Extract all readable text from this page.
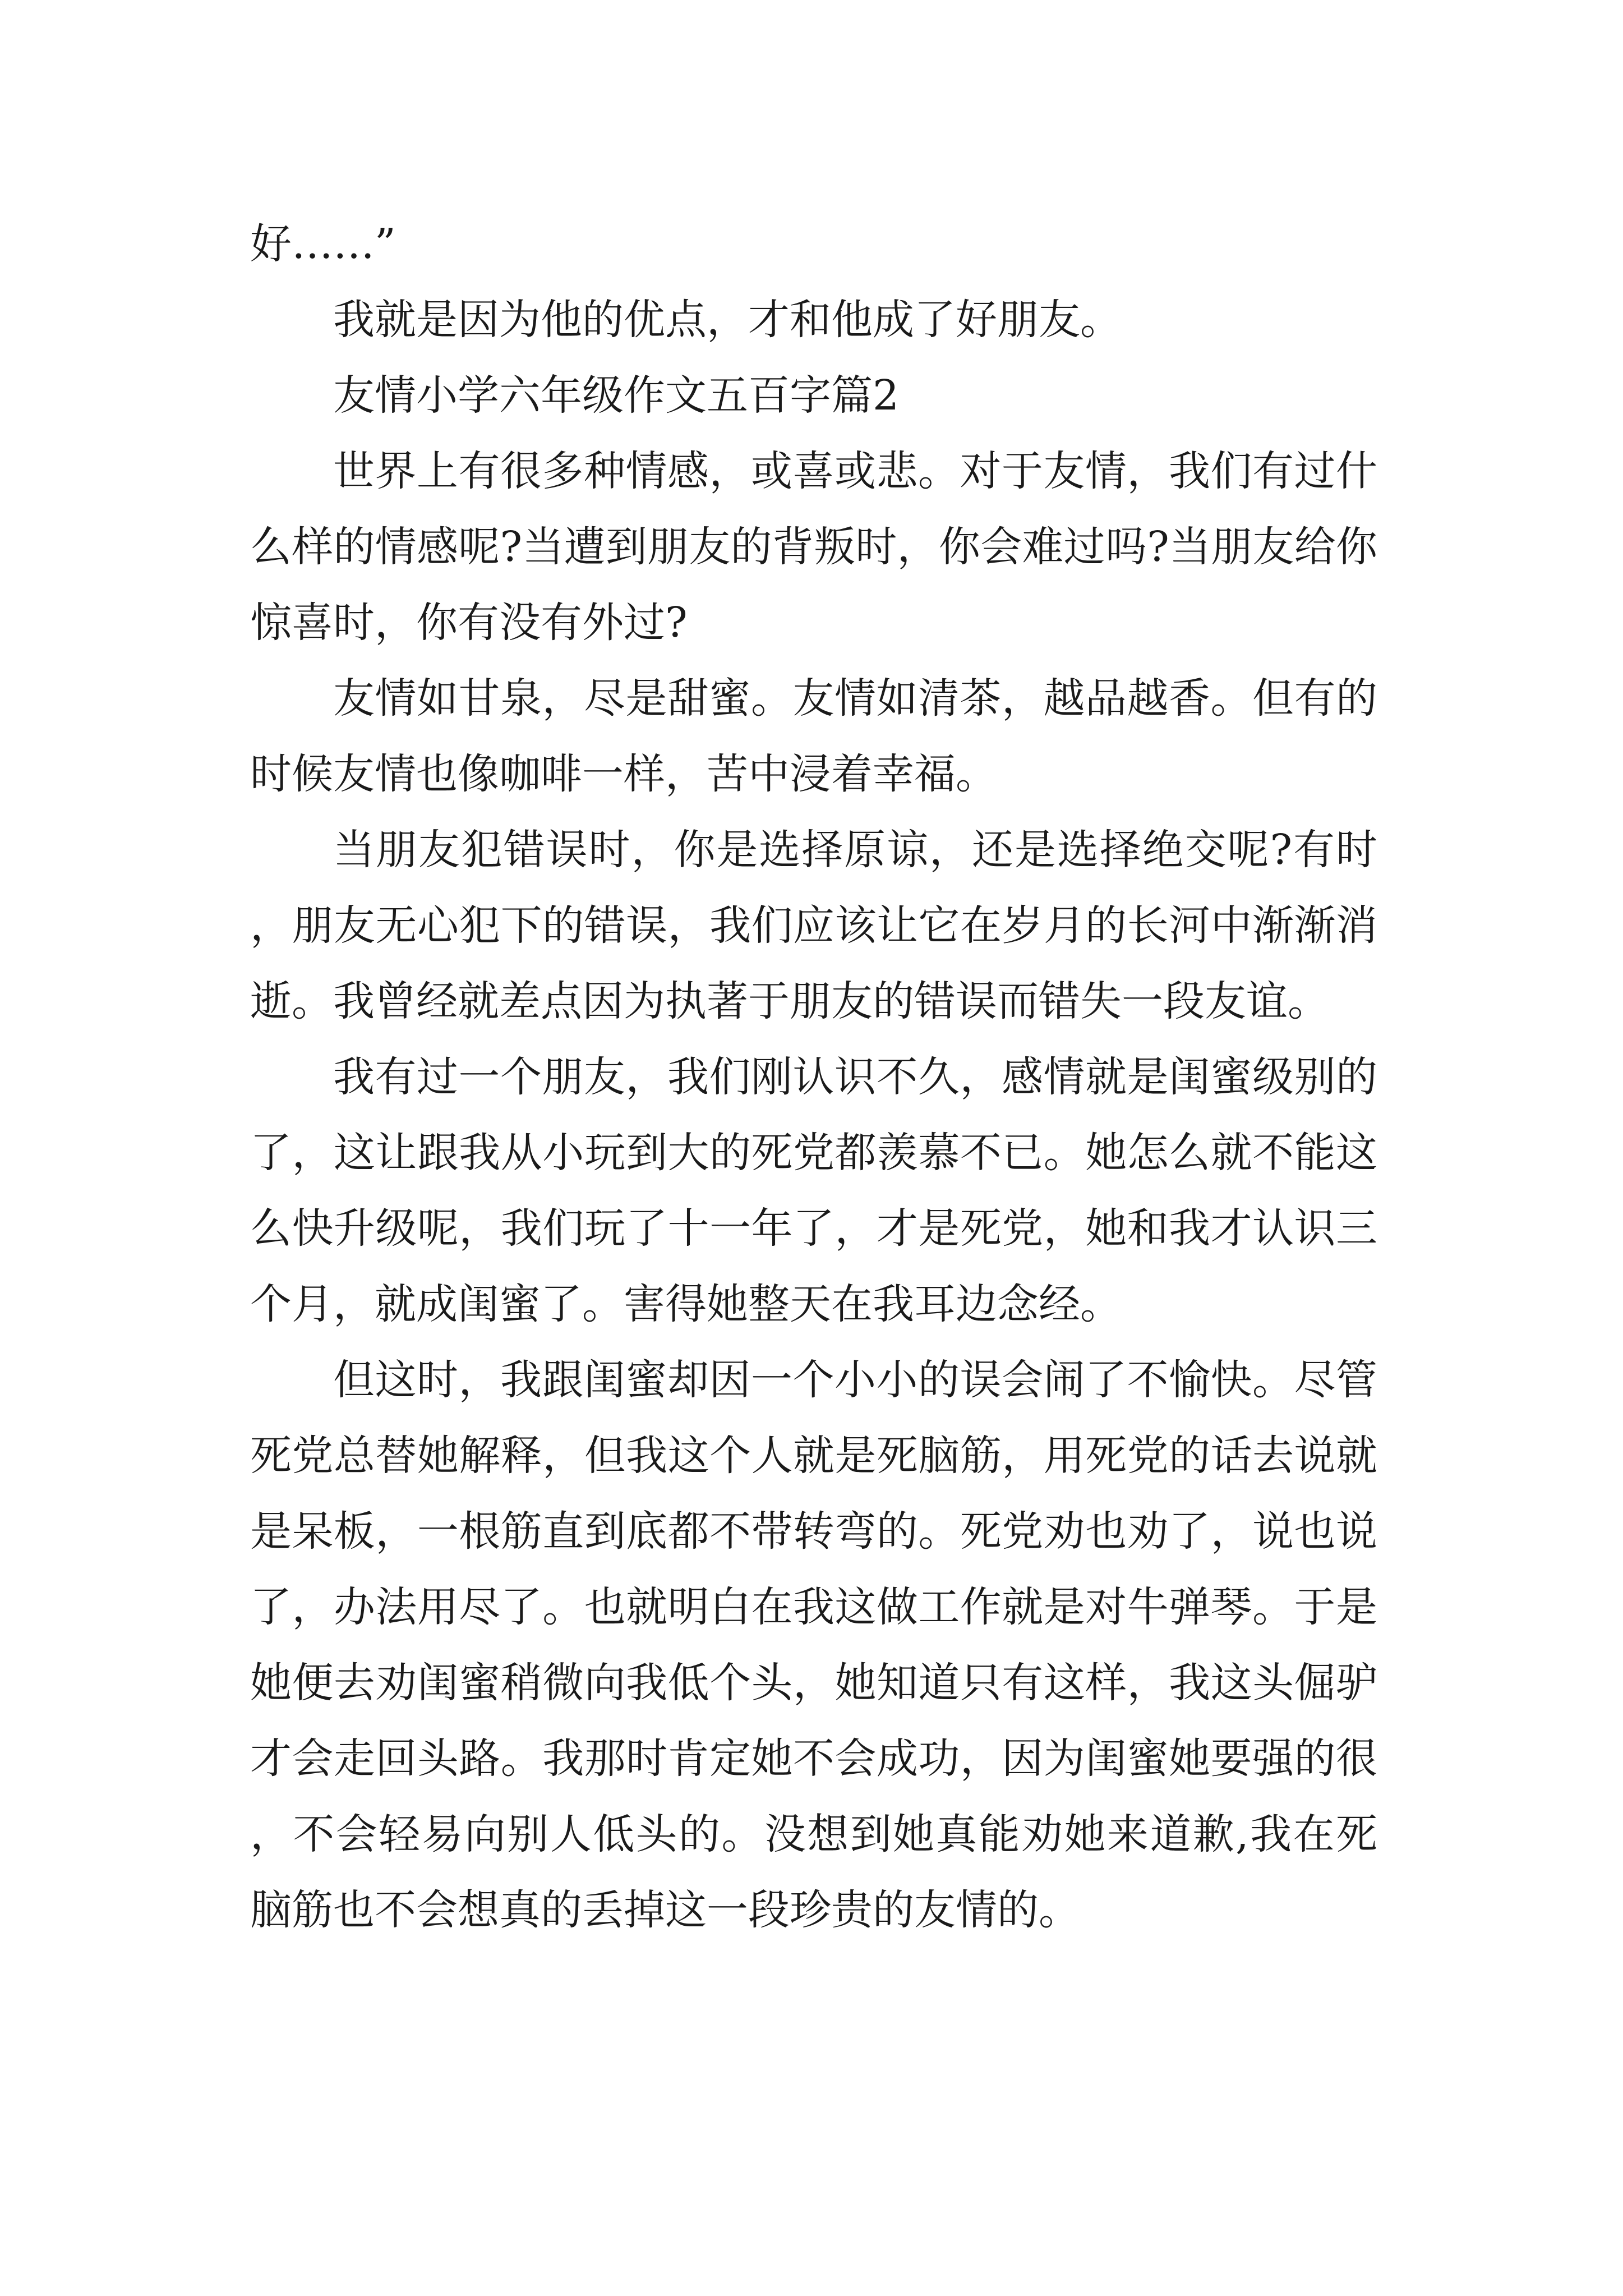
好……”

我就是因为他的优点，才和他成了好朋友。

友情小学六年级作文五百字篇2

世界上有很多种情感，或喜或悲。对于友情，我们有过什么样的情感呢?当遭到朋友的背叛时，你会难过吗?当朋友给你惊喜时，你有没有外过?

友情如甘泉，尽是甜蜜。友情如清茶，越品越香。但有的时候友情也像咖啡一样，苦中浸着幸福。

当朋友犯错误时，你是选择原谅，还是选择绝交呢?有时，朋友无心犯下的错误，我们应该让它在岁月的长河中渐渐消逝。我曾经就差点因为执著于朋友的错误而错失一段友谊。

我有过一个朋友，我们刚认识不久，感情就是闺蜜级别的了，这让跟我从小玩到大的死党都羡慕不已。她怎么就不能这么快升级呢，我们玩了十一年了，才是死党，她和我才认识三个月，就成闺蜜了。害得她整天在我耳边念经。

但这时，我跟闺蜜却因一个小小的误会闹了不愉快。尽管死党总替她解释，但我这个人就是死脑筋，用死党的话去说就是呆板，一根筋直到底都不带转弯的。死党劝也劝了，说也说了，办法用尽了。也就明白在我这做工作就是对牛弹琴。于是她便去劝闺蜜稍微向我低个头，她知道只有这样，我这头倔驴才会走回头路。我那时肯定她不会成功，因为闺蜜她要强的很，不会轻易向别人低头的。没想到她真能劝她来道歉,我在死脑筋也不会想真的丢掉这一段珍贵的友情的。
